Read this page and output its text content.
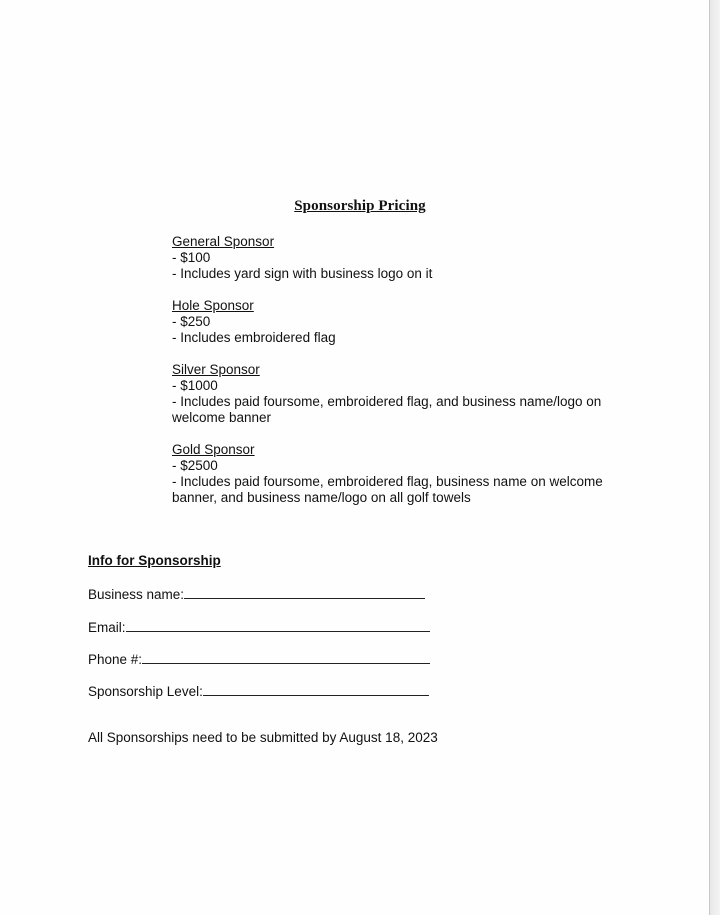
Sponsorship Pricing
General Sponsor
- $100
- Includes yard sign with business logo on it
Hole Sponsor
- $250
- Includes embroidered flag
Silver Sponsor
- $1000
- Includes paid foursome, embroidered flag, and business name/logo on
welcome banner
Gold Sponsor
- $2500
- Includes paid foursome, embroidered flag, business name on welcome
banner, and business name/logo on all golf towels
Info for Sponsorship
Business name:
Email:
Phone #:
Sponsorship Level:
All Sponsorships need to be submitted by August 18, 2023
